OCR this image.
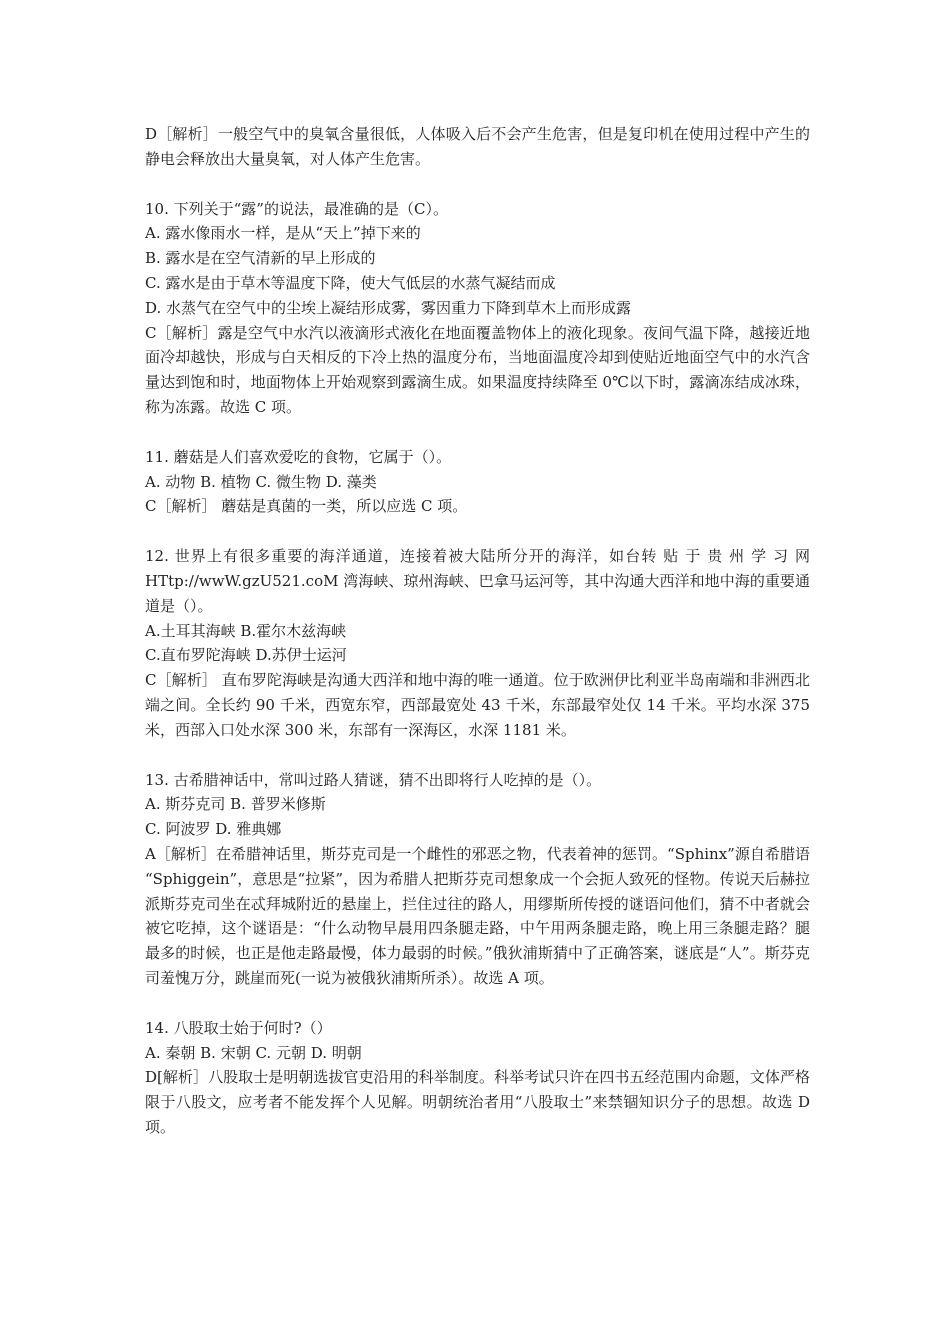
D［解析］一般空气中的臭氧含量很低，人体吸入后不会产生危害，但是复印机在使用过程中产生的静电会释放出大量臭氧，对人体产生危害。
10. 下列关于“露”的说法，最准确的是（C）。
A. 露水像雨水一样，是从“天上”掉下来的
B. 露水是在空气清新的早上形成的
C. 露水是由于草木等温度下降，使大气低层的水蒸气凝结而成
D. 水蒸气在空气中的尘埃上凝结形成雾，雾因重力下降到草木上而形成露
C［解析］露是空气中水汽以液滴形式液化在地面覆盖物体上的液化现象。夜间气温下降，越接近地面冷却越快，形成与白天相反的下冷上热的温度分布，当地面温度冷却到使贴近地面空气中的水汽含量达到饱和时，地面物体上开始观察到露滴生成。如果温度持续降至 0℃以下时，露滴冻结成冰珠，称为冻露。故选 C 项。
11. 蘑菇是人们喜欢爱吃的食物，它属于（）。
A. 动物 B. 植物 C. 微生物 D. 藻类
C［解析］ 蘑菇是真菌的一类，所以应选 C 项。
12. 世界上有很多重要的海洋通道，连接着被大陆所分开的海洋，如台转 贴 于 贵 州 学 习 网 HTtp://wwW.gzU521.coM 湾海峡、琼州海峡、巴拿马运河等，其中沟通大西洋和地中海的重要通道是（）。
A.土耳其海峡 B.霍尔木兹海峡
C.直布罗陀海峡 D.苏伊士运河
C［解析］ 直布罗陀海峡是沟通大西洋和地中海的唯一通道。位于欧洲伊比利亚半岛南端和非洲西北端之间。全长约 90 千米，西宽东窄，西部最宽处 43 千米，东部最窄处仅 14 千米。平均水深 375 米，西部入口处水深 300 米，东部有一深海区，水深 1181 米。
13. 古希腊神话中，常叫过路人猜谜，猜不出即将行人吃掉的是（）。
A. 斯芬克司 B. 普罗米修斯
C. 阿波罗 D. 雅典娜
A［解析］在希腊神话里，斯芬克司是一个雌性的邪恶之物，代表着神的惩罚。“Sphinx”源自希腊语 “Sphiggein”，意思是“拉紧”，因为希腊人把斯芬克司想象成一个会扼人致死的怪物。传说天后赫拉派斯芬克司坐在忒拜城附近的悬崖上，拦住过往的路人，用缪斯所传授的谜语问他们，猜不中者就会被它吃掉，这个谜语是：“什么动物早晨用四条腿走路，中午用两条腿走路，晚上用三条腿走路？腿最多的时候，也正是他走路最慢，体力最弱的时候。”俄狄浦斯猜中了正确答案，谜底是“人”。斯芬克司羞愧万分，跳崖而死(一说为被俄狄浦斯所杀）。故选 A 项。
14. 八股取士始于何时?（）
A. 秦朝 B. 宋朝 C. 元朝 D. 明朝
D[解析］八股取士是明朝选拔官吏沿用的科举制度。科举考试只许在四书五经范围内命题，文体严格限于八股文，应考者不能发挥个人见解。明朝统治者用“八股取士”来禁锢知识分子的思想。故选 D 项。
